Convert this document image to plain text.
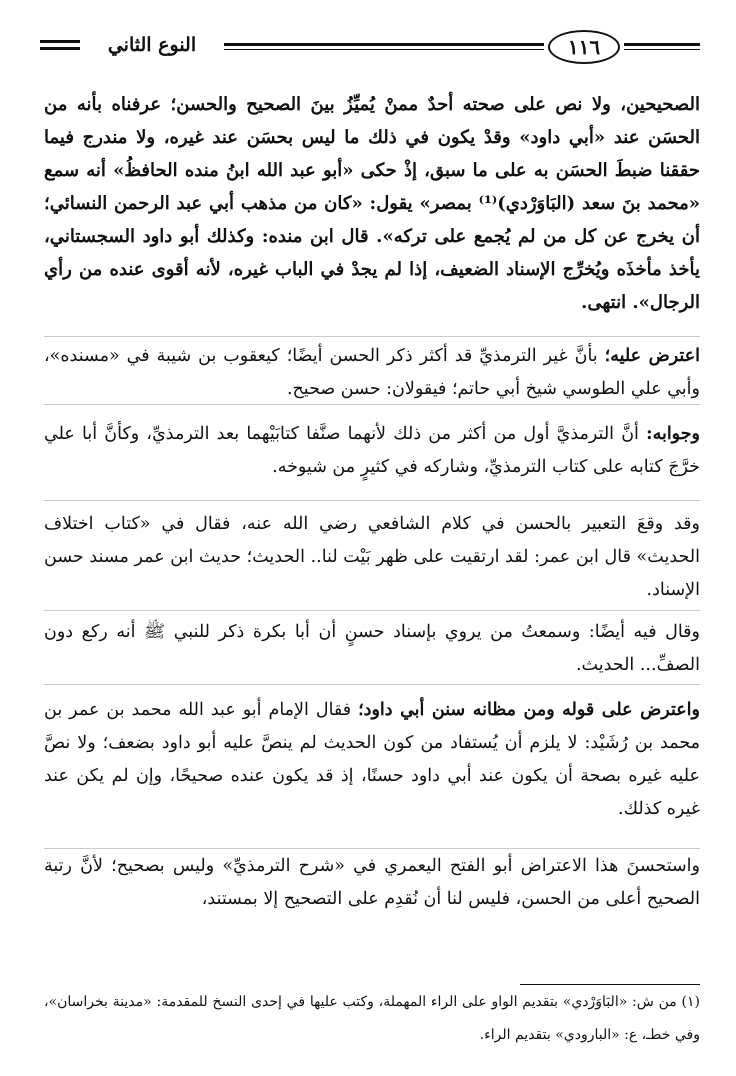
١١٦
النوع الثاني

الصحيحين، ولا نص على صحته أحدٌ ممنْ يُميِّزُ بينَ الصحيح والحسن؛ عرفناه بأنه من الحسَن عند «أبي داود» وقدْ يكون في ذلك ما ليس بحسَن عند غيره، ولا مندرج فيما حققنا ضبطَ الحسَن به على ما سبق، إذْ حكى «أبو عبد الله ابنُ منده الحافظُ» أنه سمع «محمد بنَ سعد (البَاوَرْدي)⁽¹⁾ بمصر» يقول: «كان من مذهب أبي عبد الرحمن النسائي؛ أن يخرج عن كل من لم يُجمع على تركه». قال ابن منده: وكذلك أبو داود السجستاني، يأخذ مأخذَه ويُخرِّج الإسناد الضعيف، إذا لم يجدْ في الباب غيره، لأنه أقوى عنده من رأي الرجال». انتهى.

اعترض عليه؛ بأنَّ غير الترمذيِّ قد أكثر ذكر الحسن أيضًا؛ كيعقوب بن شيبة في «مسنده»، وأبي علي الطوسي شيخ أبي حاتم؛ فيقولان: حسن صحيح.

وجوابه: أنَّ الترمذيَّ أول من أكثر من ذلك لأنهما صنَّفا كتابَيْهما بعد الترمذيِّ، وكأنَّ أبا علي خرَّجَ كتابه على كتاب الترمذيِّ، وشاركه في كثيرٍ من شيوخه.

وقد وقعَ التعبير بالحسن في كلام الشافعي رضي الله عنه، فقال في «كتاب اختلاف الحديث» قال ابن عمر: لقد ارتقيت على ظهر بَيْت لنا.. الحديث؛ حديث ابن عمر مسند حسن الإسناد.

وقال فيه أيضًا: وسمعتُ من يروي بإسناد حسنٍ أن أبا بكرة ذكر للنبي ﷺ أنه ركع دون الصفِّ... الحديث.

واعترض على قوله ومن مظانه سنن أبي داود؛ فقال الإمام أبو عبد الله محمد بن عمر بن محمد بن رُشَيْد: لا يلزم أن يُستفاد من كون الحديث لم ينصَّ عليه أبو داود بضعف؛ ولا نصَّ عليه غيره بصحة أن يكون عند أبي داود حسنًا، إذ قد يكون عنده صحيحًا، وإن لم يكن عند غيره كذلك.

واستحسنَ هذا الاعتراض أبو الفتح اليعمري في «شرح الترمذيِّ» وليس بصحيح؛ لأنَّ رتبة الصحيح أعلى من الحسن، فليس لنا أن نُقدِم على التصحيح إلا بمستند،

(١) من ش: «البَاوَرْدي» بتقديم الواو على الراء المهملة، وكتب عليها في إحدى النسخ للمقدمة: «مدينة بخراسان»، وفي خطـ، ع: «البارودي» بتقديم الراء.
